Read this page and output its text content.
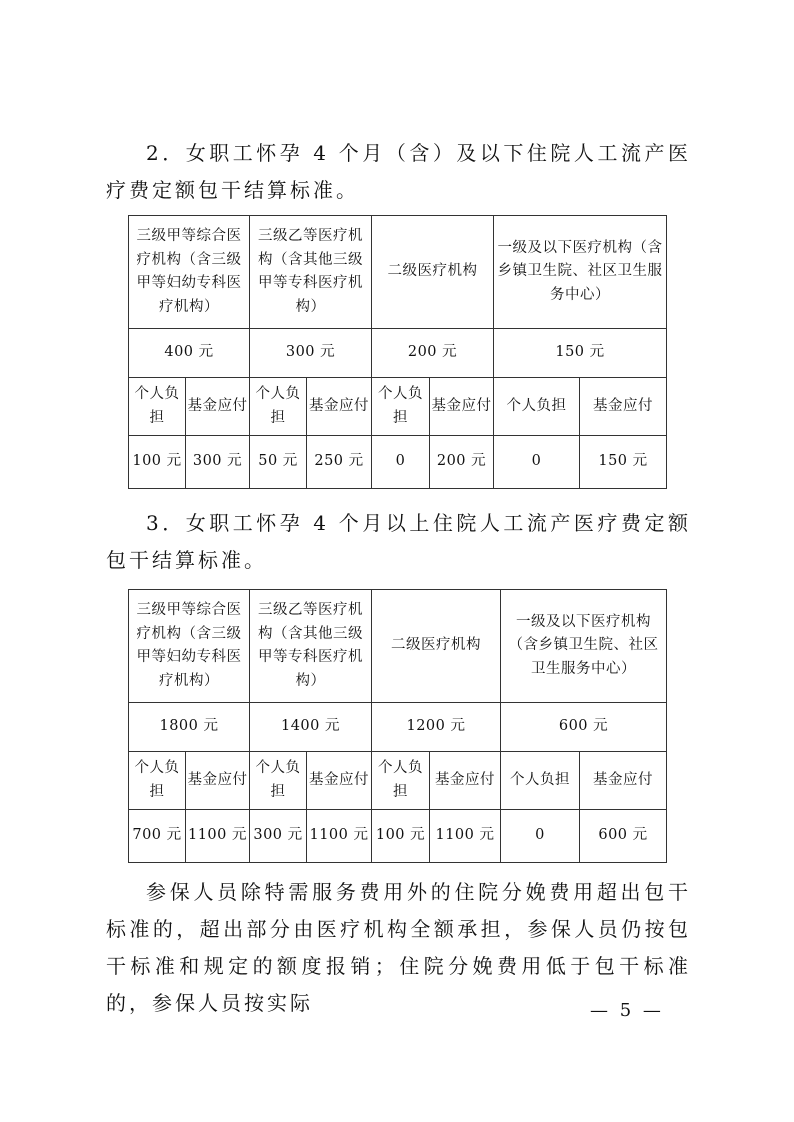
2．女职工怀孕 4 个月（含）及以下住院人工流产医疗费定额包干结算标准。

三级甲等综合医疗机构（含三级甲等妇幼专科医疗机构）		三级乙等医疗机构（含其他三级甲等专科医疗机构）		二级医疗机构		一级及以下医疗机构（含乡镇卫生院、社区卫生服务中心）	
400 元		300 元		200 元		150 元	
个人负担	基金应付	个人负担	基金应付	个人负担	基金应付	个人负担	基金应付
100 元	300 元	50 元	250 元	0	200 元	0	150 元

3．女职工怀孕 4 个月以上住院人工流产医疗费定额包干结算标准。

三级甲等综合医疗机构（含三级甲等妇幼专科医疗机构）		三级乙等医疗机构（含其他三级甲等专科医疗机构）		二级医疗机构		一级及以下医疗机构（含乡镇卫生院、社区卫生服务中心）	
1800 元		1400 元		1200 元		600 元	
个人负担	基金应付	个人负担	基金应付	个人负担	基金应付	个人负担	基金应付
700 元	1100 元	300 元	1100 元	100 元	1100 元	0	600 元

参保人员除特需服务费用外的住院分娩费用超出包干标准的，超出部分由医疗机构全额承担，参保人员仍按包干标准和规定的额度报销；住院分娩费用低于包干标准的，参保人员按实际	— 5 —
